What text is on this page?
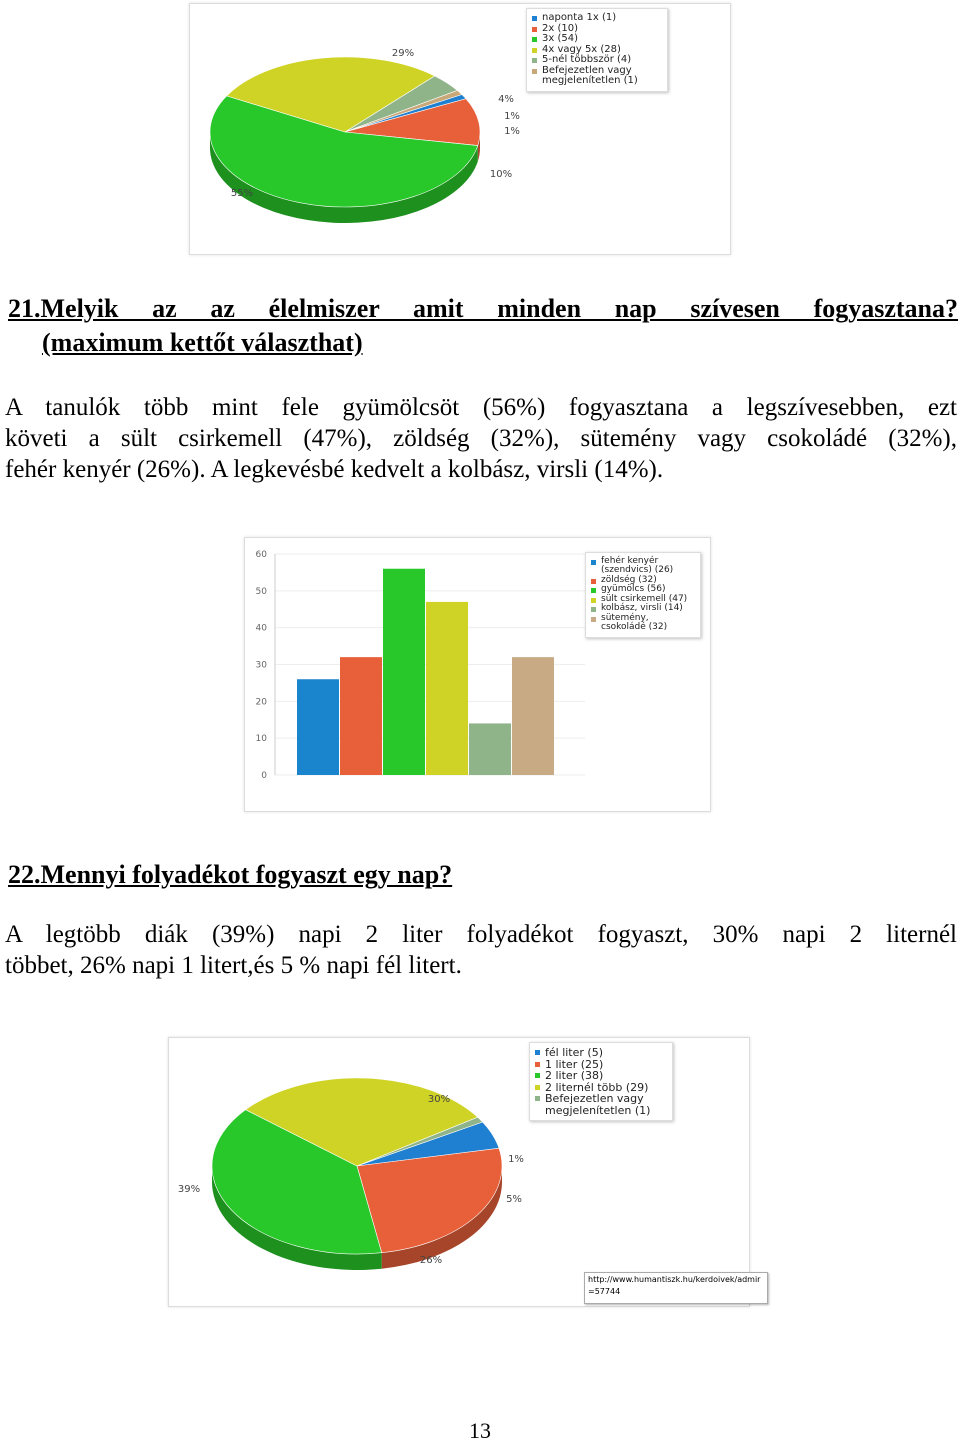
1%
10%
55%
29%
4%
1%
naponta 1x (1)
2x (10)
3x (54)
4x vagy 5x (28)
5-nél többször (4)
Befejezetlen vagy megjelenítetlen (1)
21.Melyik az az élelmiszer amit minden nap szívesen fogyasztana?
(maximum kettőt választhat)
A tanulók több mint fele gyümölcsöt (56%) fogyasztana a legszívesebben, ezt
követi a sült csirkemell (47%), zöldség (32%), sütemény vagy csokoládé (32%),
fehér kenyér (26%). A legkevésbé kedvelt a kolbász, virsli (14%).
0
10
20
30
40
50
60
fehér kenyér (szendvics) (26)
zöldség (32)
gyümölcs (56)
sült csirkemell (47)
kolbász, virsli (14)
sütemény, csokoládé (32)
22.Mennyi folyadékot fogyaszt egy nap?
A legtöbb diák (39%) napi 2 liter folyadékot fogyaszt, 30% napi 2 liternél
többet, 26% napi 1 litert,és 5 % napi fél litert.
5%
26%
39%
30%
1%
fél liter (5)
1 liter (25)
2 liter (38)
2 liternél több (29)
Befejezetlen vagy megjelenítetlen (1)
http://www.humantiszk.hu/kerdoivek/admir
=57744
13
